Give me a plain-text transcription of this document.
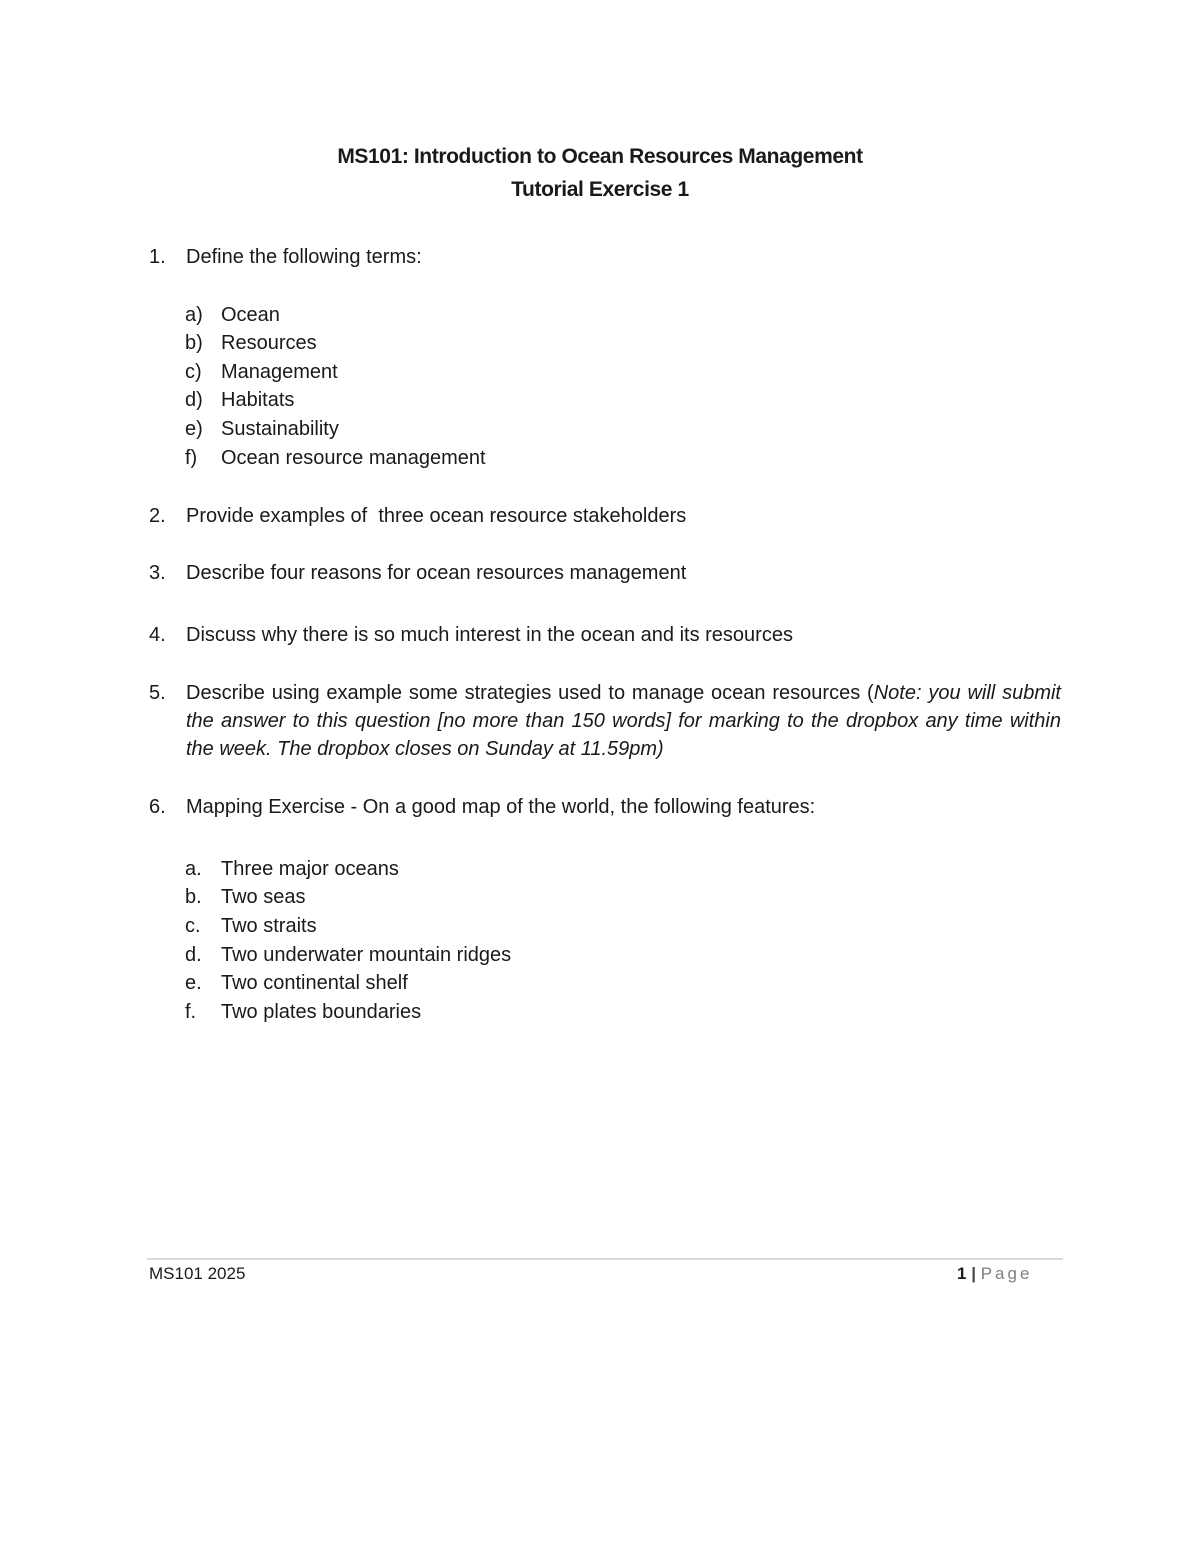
MS101: Introduction to Ocean Resources Management
Tutorial Exercise 1
1.	Define the following terms:
a) Ocean
b) Resources
c) Management
d) Habitats
e) Sustainability
f) Ocean resource management
2.	Provide examples of  three ocean resource stakeholders
3.	Describe four reasons for ocean resources management
4.	Discuss why there is so much interest in the ocean and its resources
5.	Describe using example some strategies used to manage ocean resources (Note: you will submit the answer to this question [no more than 150 words] for marking to the dropbox any time within the week. The dropbox closes on Sunday at 11.59pm)
6.	Mapping Exercise - On a good map of the world, the following features:
a. Three major oceans
b. Two seas
c. Two straits
d. Two underwater mountain ridges
e. Two continental shelf
f. Two plates boundaries
MS101 2025	1 | Page
